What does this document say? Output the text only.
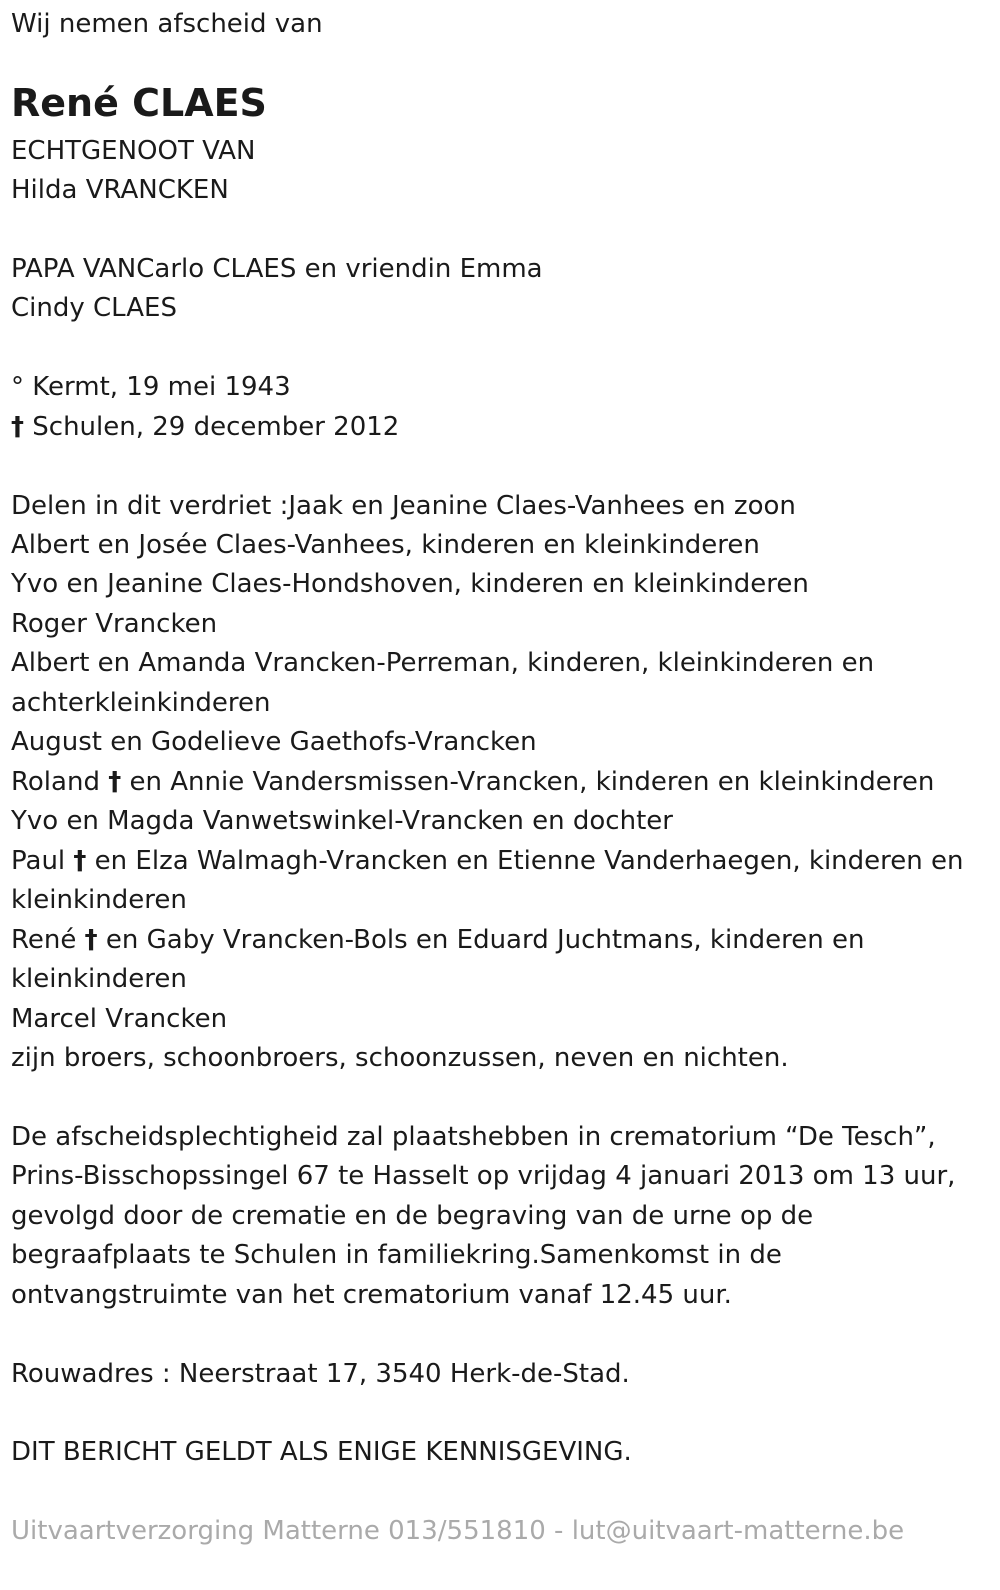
Wij nemen afscheid van
René CLAES
ECHTGENOOT VAN
Hilda VRANCKEN
PAPA VANCarlo CLAES en vriendin Emma
Cindy CLAES
° Kermt, 19 mei 1943
† Schulen, 29 december 2012
Delen in dit verdriet :Jaak en Jeanine Claes-Vanhees en zoon
Albert en Josée Claes-Vanhees, kinderen en kleinkinderen
Yvo en Jeanine Claes-Hondshoven, kinderen en kleinkinderen
Roger Vrancken
Albert en Amanda Vrancken-Perreman, kinderen, kleinkinderen en
achterkleinkinderen
August en Godelieve Gaethofs-Vrancken
Roland † en Annie Vandersmissen-Vrancken, kinderen en kleinkinderen
Yvo en Magda Vanwetswinkel-Vrancken en dochter
Paul † en Elza Walmagh-Vrancken en Etienne Vanderhaegen, kinderen en
kleinkinderen
René † en Gaby Vrancken-Bols en Eduard Juchtmans, kinderen en
kleinkinderen
Marcel Vrancken
zijn broers, schoonbroers, schoonzussen, neven en nichten.
De afscheidsplechtigheid zal plaatshebben in crematorium “De Tesch”,
Prins-Bisschopssingel 67 te Hasselt op vrijdag 4 januari 2013 om 13 uur,
gevolgd door de crematie en de begraving van de urne op de
begraafplaats te Schulen in familiekring.Samenkomst in de
ontvangstruimte van het crematorium vanaf 12.45 uur.
Rouwadres : Neerstraat 17, 3540 Herk-de-Stad.
DIT BERICHT GELDT ALS ENIGE KENNISGEVING.
Uitvaartverzorging Matterne 013/551810 - lut@uitvaart-matterne.be
